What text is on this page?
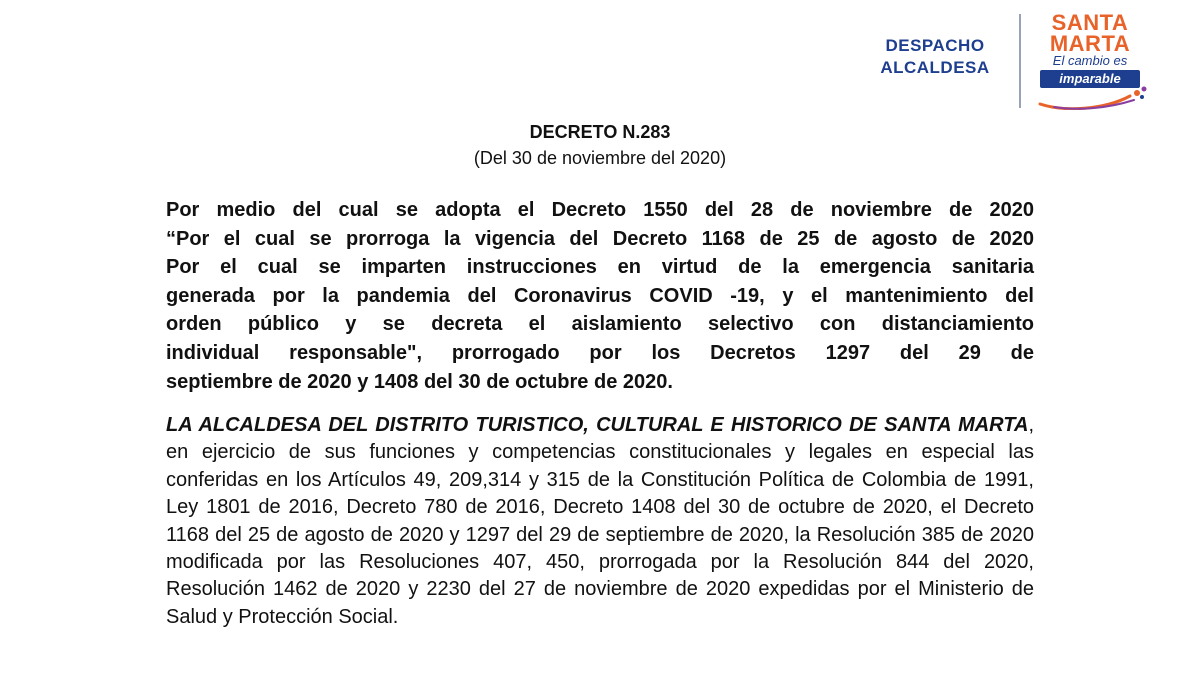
DESPACHO
ALCALDESA
SANTA
MARTA
El cambio es
imparable
DECRETO N.283
(Del 30 de noviembre del 2020)
Por medio del cual se adopta el Decreto 1550 del 28 de noviembre de 2020
“Por el cual se prorroga la vigencia del Decreto 1168 de 25 de agosto de 2020
Por el cual se imparten instrucciones en virtud de la emergencia sanitaria
generada por la pandemia del Coronavirus COVID -19, y el mantenimiento del
orden público y se decreta el aislamiento selectivo con distanciamiento
individual responsable", prorrogado por los Decretos 1297 del 29 de
septiembre de 2020 y 1408 del 30 de octubre de 2020.

LA ALCALDESA DEL DISTRITO TURISTICO, CULTURAL E HISTORICO DE SANTA MARTA, en ejercicio de sus funciones y competencias constitucionales y legales en especial las conferidas en los Artículos 49, 209,314 y 315 de la Constitución Política de Colombia de 1991, Ley 1801 de 2016, Decreto 780 de 2016, Decreto 1408 del 30 de octubre de 2020, el Decreto 1168 del 25 de agosto de 2020 y 1297 del 29 de septiembre de 2020, la Resolución 385 de 2020 modificada por las Resoluciones 407, 450, prorrogada por la Resolución 844 del 2020, Resolución 1462 de 2020 y 2230 del 27 de noviembre de 2020 expedidas por el Ministerio de Salud y Protección Social.
